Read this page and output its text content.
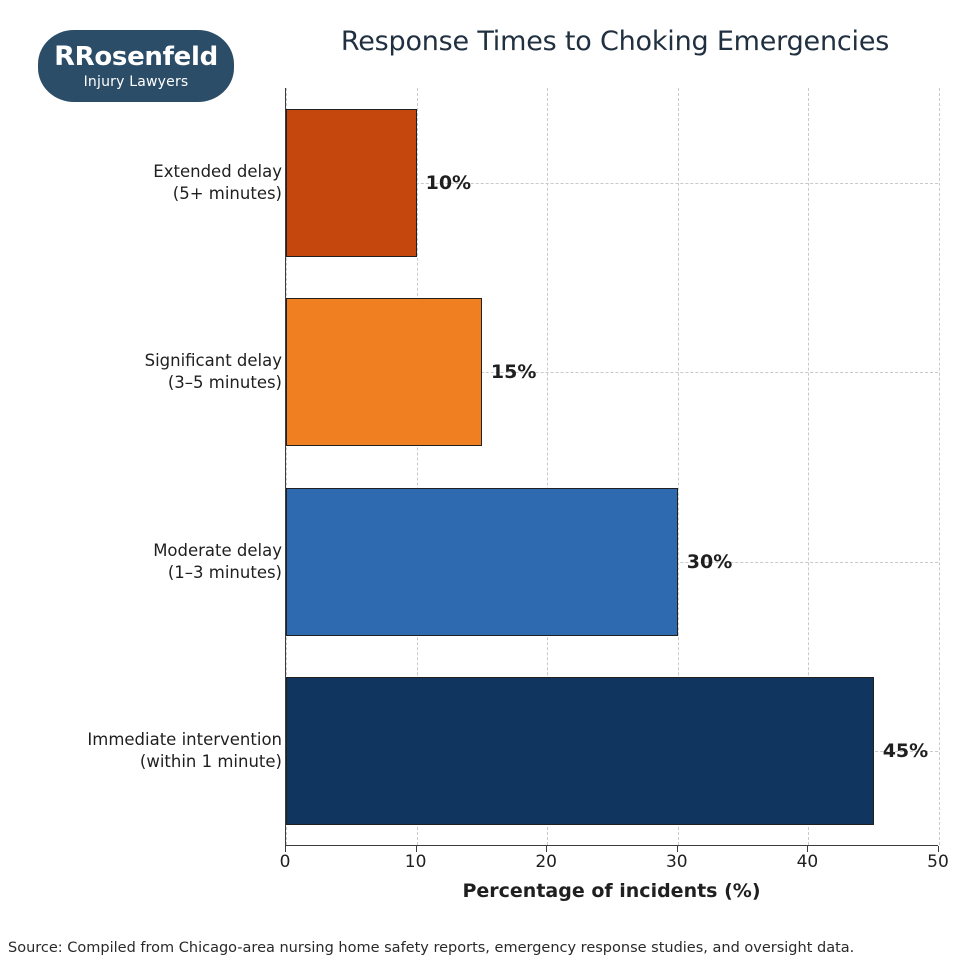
RRosenfeld
Injury Lawyers
Response Times to Choking Emergencies
0	10	20	30	40	50
45%
Immediate intervention
(within 1 minute)
30%
Moderate delay
(1–3 minutes)
15%
Significant delay
(3–5 minutes)
10%
Extended delay
(5+ minutes)
Percentage of incidents (%)
Source: Compiled from Chicago-area nursing home safety reports, emergency response studies, and oversight data.
